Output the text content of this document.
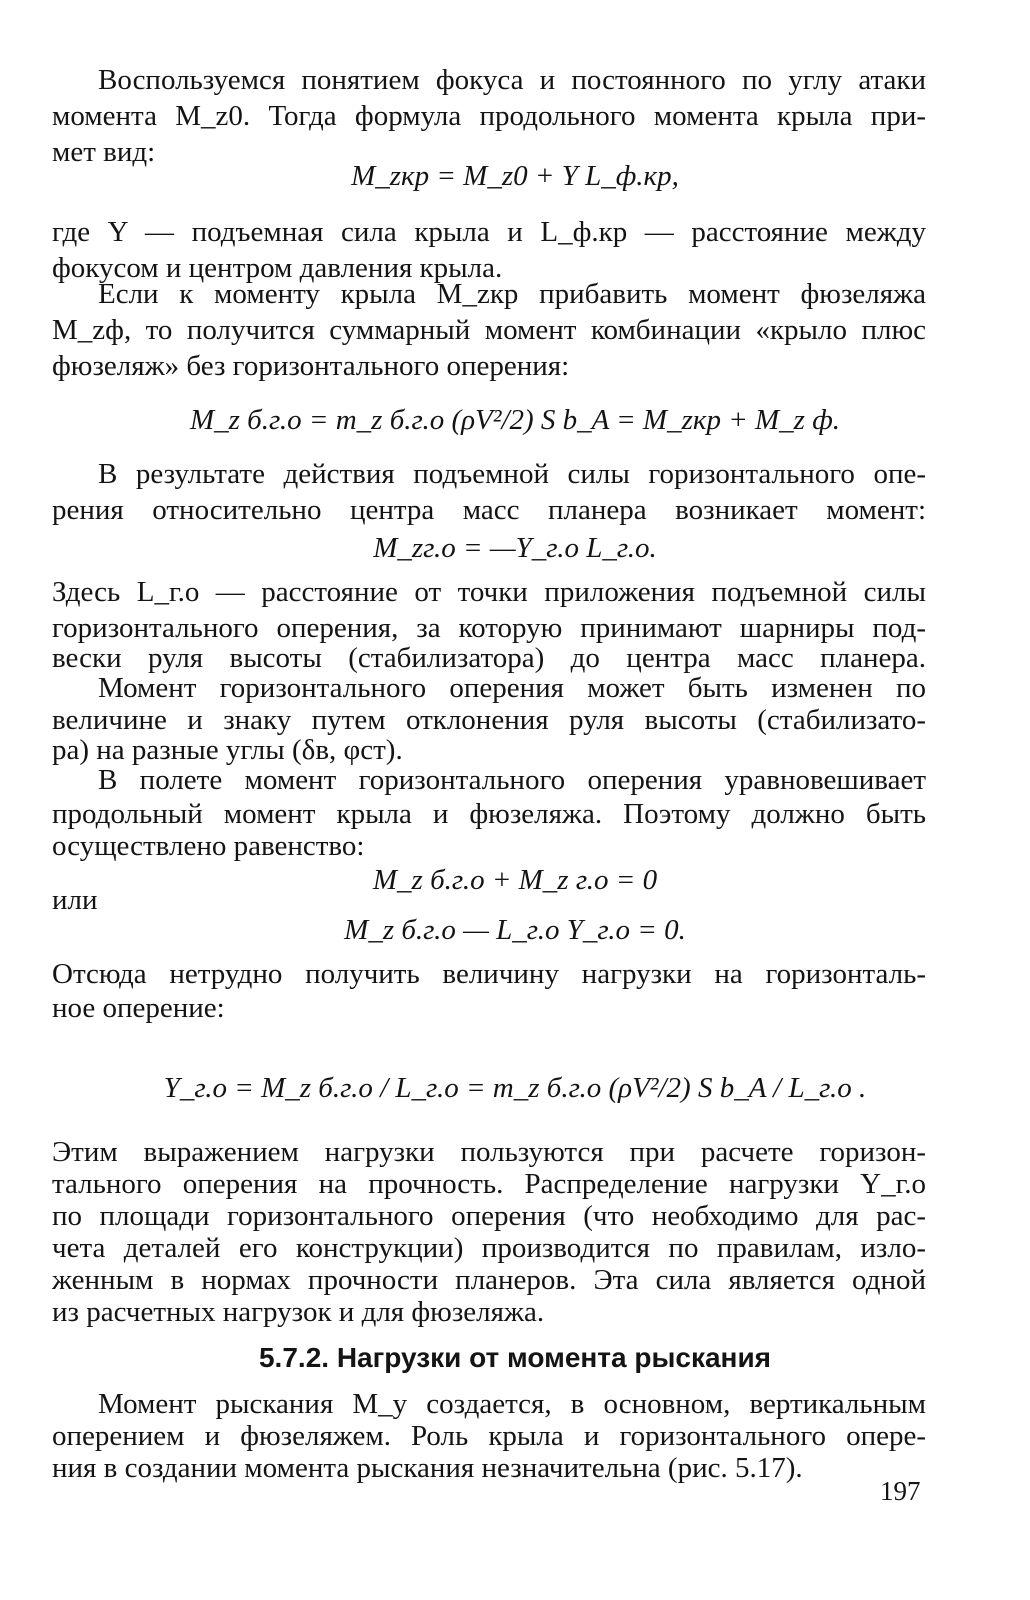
Воспользуемся понятием фокуса и постоянного по углу атаки
момента M_z0. Тогда формула продольного момента крыла при-
мет вид:
M_zкр = M_z0 + Y L_ф.кр,
где Y — подъемная сила крыла и L_ф.кр — расстояние между
фокусом и центром давления крыла.
Если к моменту крыла M_zкр прибавить момент фюзеляжа
M_zф, то получится суммарный момент комбинации «крыло плюс
фюзеляж» без горизонтального оперения:
M_z б.г.о = m_z б.г.о (ρV²/2) S b_A = M_zкр + M_z ф.
В результате действия подъемной силы горизонтального опе-
рения относительно центра масс планера возникает момент:
M_zг.о = —Y_г.о L_г.о.
Здесь L_г.о — расстояние от точки приложения подъемной силы
горизонтального оперения, за которую принимают шарниры под-
вески руля высоты (стабилизатора) до центра масс планера.
Момент горизонтального оперения может быть изменен по
величине и знаку путем отклонения руля высоты (стабилизато-
ра) на разные углы (δв, φст).
В полете момент горизонтального оперения уравновешивает
продольный момент крыла и фюзеляжа. Поэтому должно быть
осуществлено равенство:
M_z б.г.о + M_z г.о = 0
или
M_z б.г.о — L_г.о Y_г.о = 0.
Отсюда нетрудно получить величину нагрузки на горизонталь-
ное оперение:
Y_г.о = M_z б.г.о / L_г.о = m_z б.г.о (ρV²/2) S b_A / L_г.о .
Этим выражением нагрузки пользуются при расчете горизон-
тального оперения на прочность. Распределение нагрузки Y_г.о
по площади горизонтального оперения (что необходимо для рас-
чета деталей его конструкции) производится по правилам, изло-
женным в нормах прочности планеров. Эта сила является одной
из расчетных нагрузок и для фюзеляжа.
5.7.2. Нагрузки от момента рыскания
Момент рыскания M_y создается, в основном, вертикальным
оперением и фюзеляжем. Роль крыла и горизонтального опере-
ния в создании момента рыскания незначительна (рис. 5.17).
197
